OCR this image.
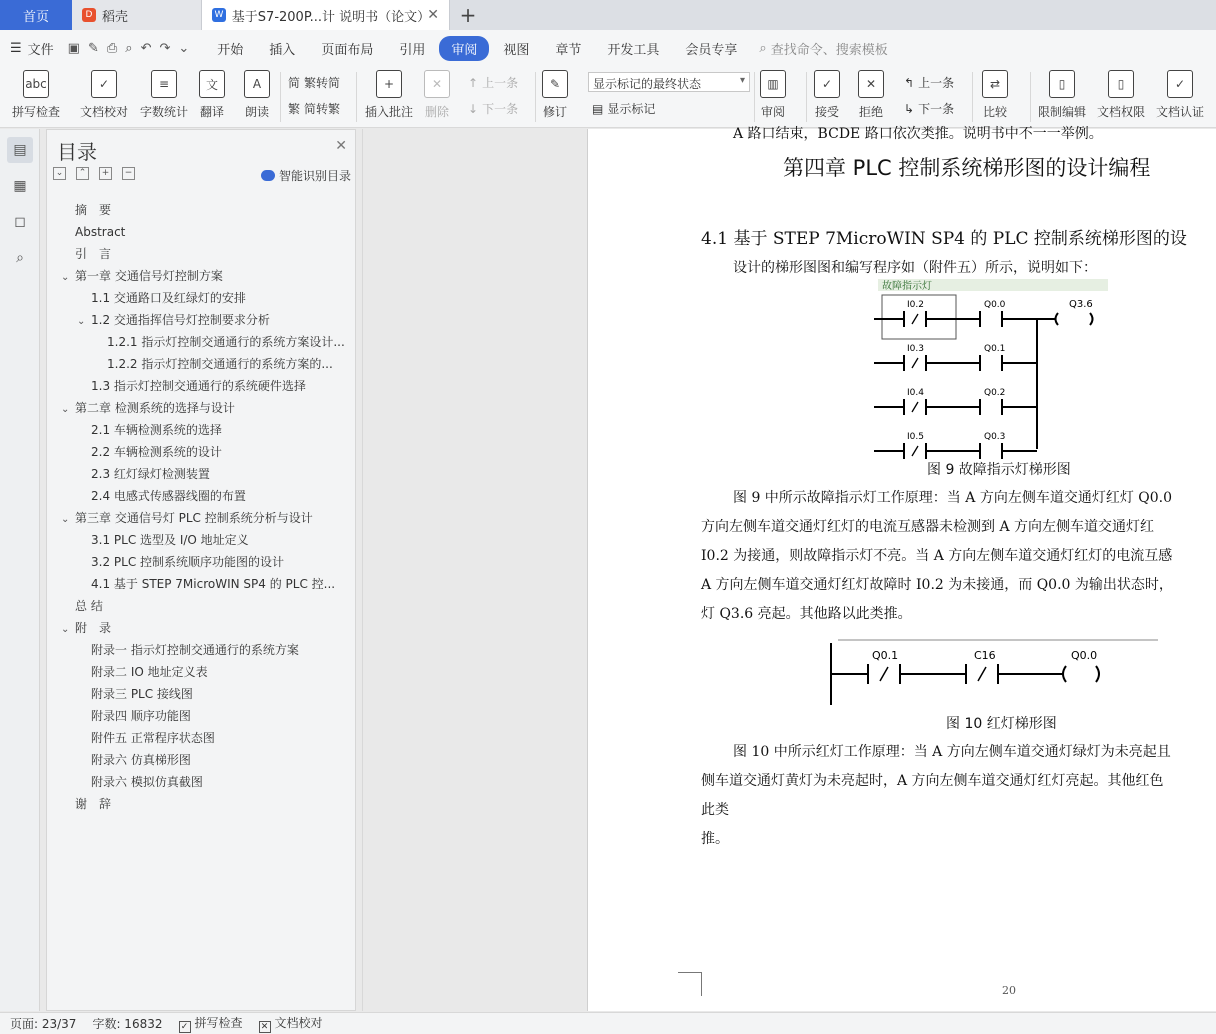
首页	D 稻壳	W 基于S7-200P...计 说明书（论文）
✕	+
☰ 文件 ▣ ✎ ⎙ ⌕ ↶ ↷ ⌄	开始	插入	页面布局	引用	审阅	视图	章节	开发工具	会员专享	⌕ 查找命令、搜索模板
abc
拼写检查
✓
文档校对
≡
字数统计
文
翻译
A
朗读
简 繁转简
繁 简转繁
+
插入批注
✕
删除
↑ 上一条
↓ 下一条
✎
修订 ▤ 显示标记
▥
审阅
✓
接受
✕
拒绝
↰ 上一条
↳ 下一条
⇄
比较
▯
限制编辑
▯
文档权限
✓
文档认证
显示标记的最终状态	▾
▤
▦
◻
⌕
目录	✕
⌄	⌃	+	−	智能识别目录
摘　要
Abstract
引　言
⌄ 第一章 交通信号灯控制方案
1.1 交通路口及红绿灯的安排
⌄ 1.2 交通指挥信号灯控制要求分析
1.2.1 指示灯控制交通通行的系统方案设计...
1.2.2 指示灯控制交通通行的系统方案的...
1.3 指示灯控制交通通行的系统硬件选择
⌄ 第二章 检测系统的选择与设计
2.1 车辆检测系统的选择
2.2 车辆检测系统的设计
2.3 红灯绿灯检测装置
2.4 电感式传感器线圈的布置
⌄ 第三章 交通信号灯 PLC 控制系统分析与设计
3.1 PLC 选型及 I/O 地址定义
3.2 PLC 控制系统顺序功能图的设计
4.1 基于 STEP 7MicroWIN SP4 的 PLC 控...
总 结
⌄ 附　录
附录一 指示灯控制交通通行的系统方案
附录二 IO 地址定义表
附录三 PLC 接线图
附录四 顺序功能图
附件五 正常程序状态图
附录六 仿真梯形图
附录六 模拟仿真截图
谢　辞
A 路口结束，BCDE 路口依次类推。说明书中不一一举例。
第四章 PLC 控制系统梯形图的设计编程
4.1 基于 STEP 7MicroWIN SP4 的 PLC 控制系统梯形图的设
设计的梯形图图和编写程序如（附件五）所示，说明如下：
故障指示灯
I0.2	Q0.0
I0.3	Q0.1
I0.4	Q0.2
I0.5	Q0.3
Q3.6
图 9 故障指示灯梯形图
图 9 中所示故障指示灯工作原理：当 A 方向左侧车道交通灯红灯 Q0.0
方向左侧车道交通灯红灯的电流互感器未检测到 A 方向左侧车道交通灯红
I0.2 为接通，则故障指示灯不亮。当 A 方向左侧车道交通灯红灯的电流互感
A 方向左侧车道交通灯红灯故障时 I0.2 为未接通，而 Q0.0 为输出状态时，
灯 Q3.6 亮起。其他路以此类推。
Q0.1	C16	Q0.0
图 10 红灯梯形图
图 10 中所示红灯工作原理：当 A 方向左侧车道交通灯绿灯为未亮起且
侧车道交通灯黄灯为未亮起时，A 方向左侧车道交通灯红灯亮起。其他红色
此类
推。
20
页面: 23/37 字数: 16832 ✓ 拼写检查 ✕ 文档校对
